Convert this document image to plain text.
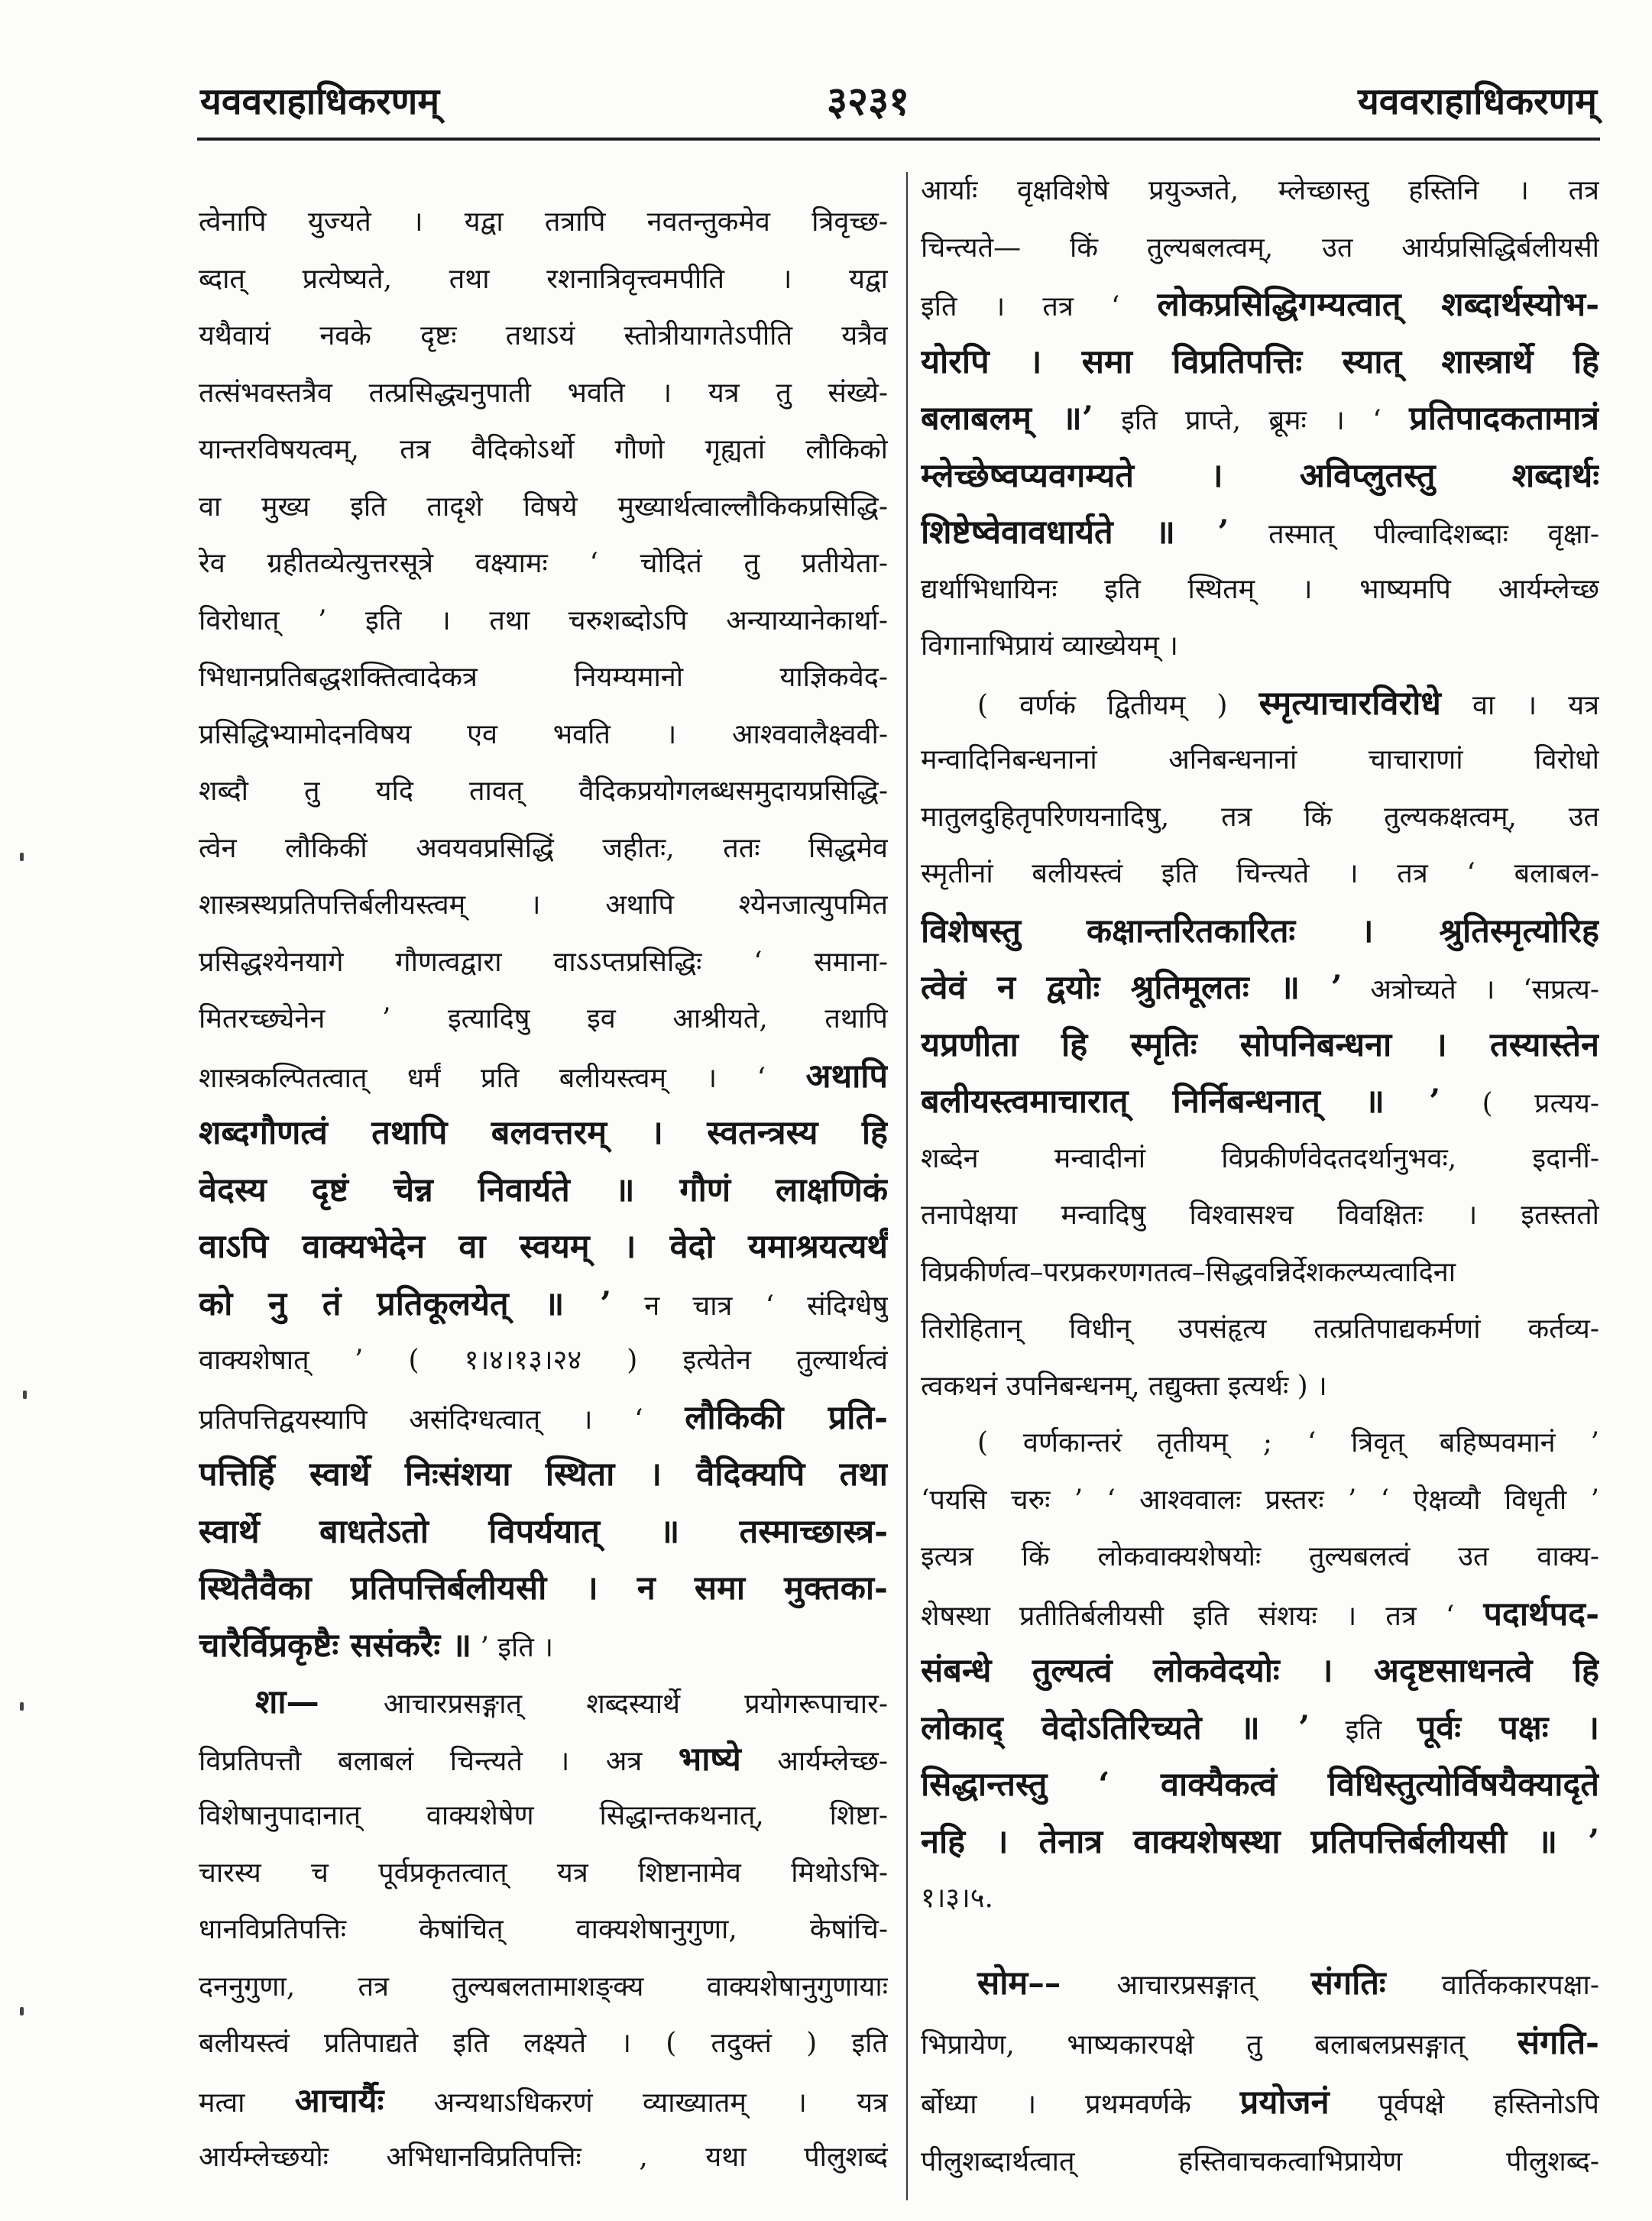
यववराहाधिकरणम्	३२३१	यववराहाधिकरणम्
त्वेनापि युज्यते । यद्वा तत्रापि नवतन्तुकमेव त्रिवृच्छ-
ब्दात् प्रत्येष्यते, तथा रशनात्रिवृत्त्वमपीति । यद्वा
यथैवायं नवके दृष्टः तथाऽयं स्तोत्रीयागतेऽपीति यत्रैव
तत्संभवस्तत्रैव तत्प्रसिद्ध्यनुपाती भवति । यत्र तु संख्ये-
यान्तरविषयत्वम्, तत्र वैदिकोऽर्थो गौणो गृह्यतां लौकिको
वा मुख्य इति तादृशे विषये मुख्यार्थत्वाल्लौकिकप्रसिद्धि-
रेव ग्रहीतव्येत्युत्तरसूत्रे वक्ष्यामः ‘ चोदितं तु प्रतीयेता-
विरोधात् ’ इति । तथा चरुशब्दोऽपि अन्याय्यानेकार्था-
भिधानप्रतिबद्धशक्तित्वादेकत्र नियम्यमानो याज्ञिकवेद-
प्रसिद्धिभ्यामोदनविषय एव भवति । आश्ववालैक्ष्ववी-
शब्दौ तु यदि तावत् वैदिकप्रयोगलब्धसमुदायप्रसिद्धि-
त्वेन लौकिकीं अवयवप्रसिद्धिं जहीतः, ततः सिद्धमेव
शास्त्रस्थप्रतिपत्तिर्बलीयस्त्वम् । अथापि श्येनजात्युपमित
प्रसिद्धश्येनयागे गौणत्वद्वारा वाऽऽप्तप्रसिद्धिः ‘ समाना-
मितरच्छ्येनेन ’ इत्यादिषु इव आश्रीयते, तथापि
शास्त्रकल्पितत्वात् धर्मं प्रति बलीयस्त्वम् । ‘ अथापि
शब्दगौणत्वं तथापि बलवत्तरम् । स्वतन्त्रस्य हि
वेदस्य दृष्टं चेन्न निवार्यते ॥ गौणं लाक्षणिकं
वाऽपि वाक्यभेदेन वा स्वयम् । वेदो यमाश्रयत्यर्थं
को नु तं प्रतिकूलयेत् ॥ ’ न चात्र ‘ संदिग्धेषु
वाक्यशेषात् ’ ( १।४।१३।२४ ) इत्येतेन तुल्यार्थत्वं
प्रतिपत्तिद्वयस्यापि असंदिग्धत्वात् । ‘ लौकिकी प्रति-
पत्तिर्हि स्वार्थे निःसंशया स्थिता । वैदिक्यपि तथा
स्वार्थे बाधतेऽतो विपर्ययात् ॥ तस्माच्छास्त्र-
स्थितैवैका प्रतिपत्तिर्बलीयसी । न समा मुक्तका-
चारैर्विप्रकृष्टैः ससंकरैः ॥ ’ इति ।
शा— आचारप्रसङ्गात् शब्दस्यार्थे प्रयोगरूपाचार-
विप्रतिपत्तौ बलाबलं चिन्त्यते । अत्र भाष्ये आर्यम्लेच्छ-
विशेषानुपादानात् वाक्यशेषेण सिद्धान्तकथनात्, शिष्टा-
चारस्य च पूर्वप्रकृतत्वात् यत्र शिष्टानामेव मिथोऽभि-
धानविप्रतिपत्तिः केषांचित् वाक्यशेषानुगुणा, केषांचि-
दननुगुणा, तत्र तुल्यबलतामाशङ्क्य वाक्यशेषानुगुणायाः
बलीयस्त्वं प्रतिपाद्यते इति लक्ष्यते । ( तदुक्तं ) इति
मत्वा आचार्यैः अन्यथाऽधिकरणं व्याख्यातम् । यत्र
आर्यम्लेच्छयोः अभिधानविप्रतिपत्तिः , यथा पीलुशब्दं
आर्याः वृक्षविशेषे प्रयुञ्जते, म्लेच्छास्तु हस्तिनि । तत्र
चिन्त्यते— किं तुल्यबलत्वम्, उत आर्यप्रसिद्धिर्बलीयसी
इति । तत्र ‘ लोकप्रसिद्धिगम्यत्वात् शब्दार्थस्योभ-
योरपि । समा विप्रतिपत्तिः स्यात् शास्त्रार्थे हि
बलाबलम् ॥’ इति प्राप्ते, ब्रूमः । ‘ प्रतिपादकतामात्रं
म्लेच्छेष्वप्यवगम्यते । अविप्लुतस्तु शब्दार्थः
शिष्टेष्वेवावधार्यते ॥ ’ तस्मात् पील्वादिशब्दाः वृक्षा-
द्यर्थाभिधायिनः इति स्थितम् । भाष्यमपि आर्यम्लेच्छ
विगानाभिप्रायं व्याख्येयम् ।
( वर्णकं द्वितीयम् ) स्मृत्याचारविरोधे वा । यत्र
मन्वादिनिबन्धनानां अनिबन्धनानां चाचाराणां विरोधो
मातुलदुहितृपरिणयनादिषु, तत्र किं तुल्यकक्षत्वम्, उत
स्मृतीनां बलीयस्त्वं इति चिन्त्यते । तत्र ‘ बलाबल-
विशेषस्तु कक्षान्तरितकारितः । श्रुतिस्मृत्योरिह
त्वेवं न द्वयोः श्रुतिमूलतः ॥ ’ अत्रोच्यते । ‘सप्रत्य-
यप्रणीता हि स्मृतिः सोपनिबन्धना । तस्यास्तेन
बलीयस्त्वमाचारात् निर्निबन्धनात् ॥ ’ ( प्रत्यय-
शब्देन मन्वादीनां विप्रकीर्णवेदतदर्थानुभवः, इदानीं-
तनापेक्षया मन्वादिषु विश्वासश्च विवक्षितः । इतस्ततो
विप्रकीर्णत्व–परप्रकरणगतत्व–सिद्धवन्निर्देशकल्प्यत्वादिना
तिरोहितान् विधीन् उपसंहृत्य तत्प्रतिपाद्यकर्मणां कर्तव्य-
त्वकथनं उपनिबन्धनम्, तद्युक्ता इत्यर्थः ) ।
( वर्णकान्तरं तृतीयम् ; ‘ त्रिवृत् बहिष्पवमानं ’
‘पयसि चरुः ’ ‘ आश्ववालः प्रस्तरः ’ ‘ ऐक्षव्यौ विधृती ’
इत्यत्र किं लोकवाक्यशेषयोः तुल्यबलत्वं उत वाक्य-
शेषस्था प्रतीतिर्बलीयसी इति संशयः । तत्र ‘ पदार्थपद-
संबन्धे तुल्यत्वं लोकवेदयोः । अदृष्टसाधनत्वे हि
लोकाद् वेदोऽतिरिच्यते ॥ ’ इति पूर्वः पक्षः ।
सिद्धान्तस्तु ‘ वाक्यैकत्वं विधिस्तुत्योर्विषयैक्यादृते
नहि । तेनात्र वाक्यशेषस्था प्रतिपत्तिर्बलीयसी ॥ ’
१।३।५.
सोम–– आचारप्रसङ्गात् संगतिः वार्तिककारपक्षा-
भिप्रायेण, भाष्यकारपक्षे तु बलाबलप्रसङ्गात् संगति-
र्बोध्या । प्रथमवर्णके प्रयोजनं पूर्वपक्षे हस्तिनोऽपि
पीलुशब्दार्थत्वात् हस्तिवाचकत्वाभिप्रायेण पीलुशब्द-
